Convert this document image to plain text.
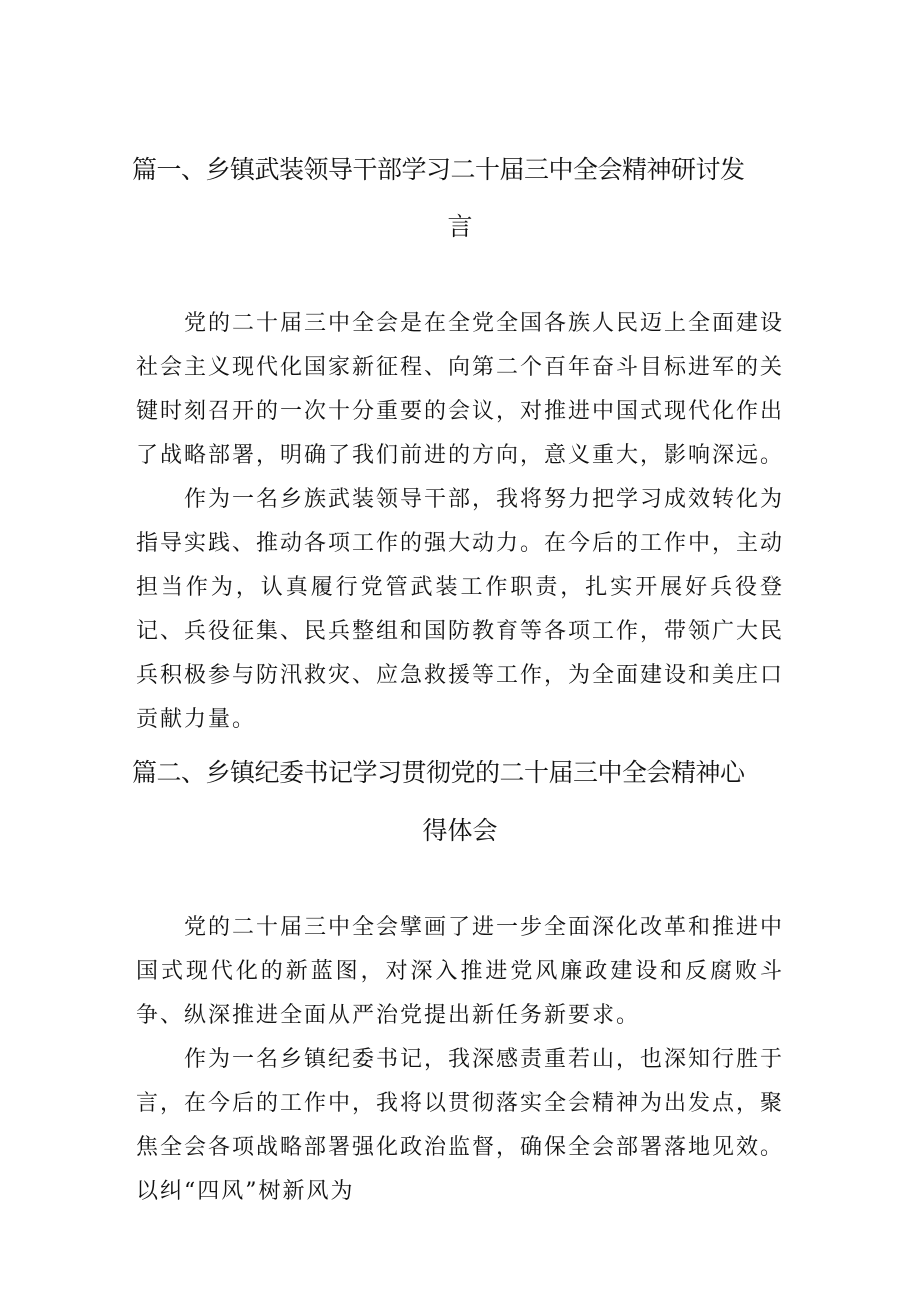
篇一、乡镇武装领导干部学习二十届三中全会精神研讨发
言

党的二十届三中全会是在全党全国各族人民迈上全面建设社会主义现代化国家新征程、向第二个百年奋斗目标进军的关键时刻召开的一次十分重要的会议，对推进中国式现代化作出了战略部署，明确了我们前进的方向，意义重大，影响深远。

作为一名乡族武装领导干部，我将努力把学习成效转化为指导实践、推动各项工作的强大动力。在今后的工作中，主动担当作为，认真履行党管武装工作职责，扎实开展好兵役登记、兵役征集、民兵整组和国防教育等各项工作，带领广大民兵积极参与防汛救灾、应急救援等工作，为全面建设和美庄口贡献力量。

篇二、乡镇纪委书记学习贯彻党的二十届三中全会精神心
得体会

党的二十届三中全会擘画了进一步全面深化改革和推进中国式现代化的新蓝图，对深入推进党风廉政建设和反腐败斗争、纵深推进全面从严治党提出新任务新要求。

作为一名乡镇纪委书记，我深感责重若山，也深知行胜于言，在今后的工作中，我将以贯彻落实全会精神为出发点，聚焦全会各项战略部署强化政治监督，确保全会部署落地见效。以纠“四风”树新风为
